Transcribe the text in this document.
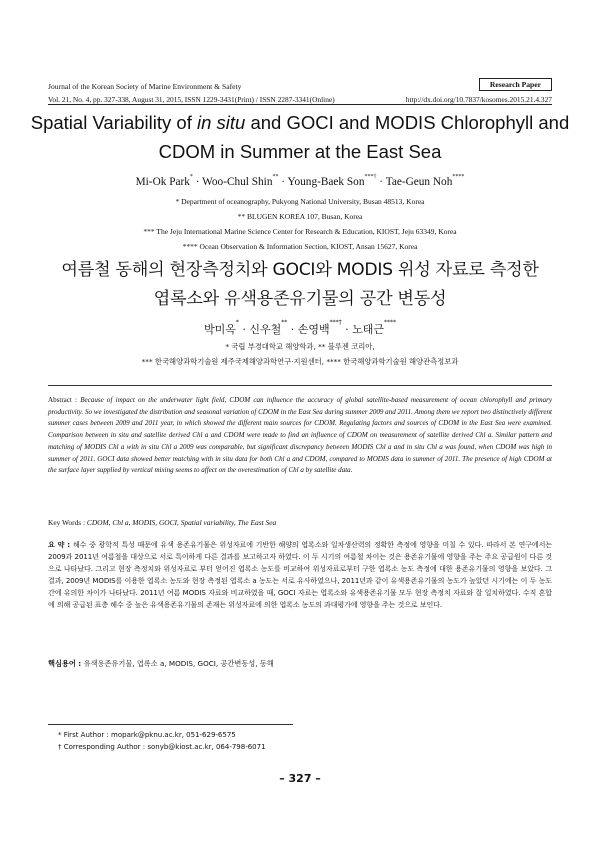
Journal of the Korean Society of Marine Environment & Safety	Research Paper
Vol. 21, No. 4, pp. 327-338, August 31, 2015, ISSN 1229-3431(Print) / ISSN 2287-3341(Online)	http://dx.doi.org/10.7837/kosomes.2015.21.4.327
Spatial Variability of in situ and GOCI and MODIS Chlorophyll and
CDOM in Summer at the East Sea
Mi-Ok Park* · Woo-Chul Shin** · Young-Baek Son***† · Tae-Geun Noh****
* Department of oceanography, Pukyong National University, Busan 48513, Korea
** BLUGEN KOREA 107, Busan, Korea
*** The Jeju International Marine Science Center for Research & Education, KIOST, Jeju 63349, Korea
**** Ocean Observation & Information Section, KIOST, Ansan 15627, Korea
여름철 동해의 현장측정치와 GOCI와 MODIS 위성 자료로 측정한
엽록소와 유색용존유기물의 공간 변동성
박미옥* · 신우철** · 손영백***† · 노태근****
* 국립 부경대학교 해양학과, ** 블루젠 코리아,
*** 한국해양과학기술원 제주국제해양과학연구·지원센터, **** 한국해양과학기술원 해양관측정보과
Abstract : Because of impact on the underwater light field, CDOM can influence the accuracy of global satellite-based measurement of ocean chlorophyll and primary productivity. So we investigated the distribution and seasonal variation of CDOM in the East Sea during summer 2009 and 2011. Among them we report two distinctively different summer cases between 2009 and 2011 year, in which showed the different main sources for CDOM. Regulating factors and sources of CDOM in the East Sea were examined. Comparison between in situ and satellite derived Chl a and CDOM were made to find an influence of CDOM on measurement of satellite derived Chl a. Similar pattern and matching of MODIS Chl a with in situ Chl a 2009 was comparable, but significant discrepancy between MODIS Chl a and in situ Chl a was found, when CDOM was high in summer of 2011. GOCI data showed better matching with in situ data for both Chl a and CDOM, compared to MODIS data in summer of 2011. The presence of high CDOM at the surface layer supplied by vertical mixing seems to affect on the overestimation of Chl a by satellite data.
Key Words : CDOM, Chl a, MODIS, GOCI, Spatial variability, The East Sea
요 약 : 해수 중 광학적 특성 때문에 유색 용존유기물은 위성자료에 기반한 해양의 엽록소와 일차생산력의 정확한 측정에 영향을 미칠 수 있다. 따라서 본 연구에서는 2009과 2011년 여름철을 대상으로 서로 특이하게 다른 결과를 보고하고자 하였다. 이 두 시기의 여름철 차이는 것은 용존유기물에 영향을 주는 주요 공급원이 다른 것으로 나타났다. 그리고 현장 측정치와 위성자료로 부터 얻어진 엽록소 농도를 비교하여 위성자료로부터 구한 엽록소 농도 측정에 대한 용존유기물의 영향을 보았다. 그 결과, 2009년 MODIS를 이용한 엽록소 농도와 현장 측정된 엽록소 a 농도는 서로 유사하였으나, 2011년과 같이 유색용존유기물의 농도가 높았던 시기에는 이 두 농도 간에 유의한 차이가 나타났다. 2011년 여름 MODIS 자료와 비교하였을 때, GOCI 자료는 엽록소와 유색용존유기물 모두 현장 측정치 자료와 잘 일치하였다. 수직 혼합에 의해 공급된 표층 해수 중 높은 유색용존유기물의 존재는 위성자료에 의한 엽록소 농도의 과대평가에 영향을 주는 것으로 보인다.
핵심용어 : 유색용존유기물, 엽록소 a, MODIS, GOCI, 공간변동성, 동해
* First Author : mopark@pknu.ac.kr, 051-629-6575
† Corresponding Author : sonyb@kiost.ac.kr, 064-798-6071
– 327 –
